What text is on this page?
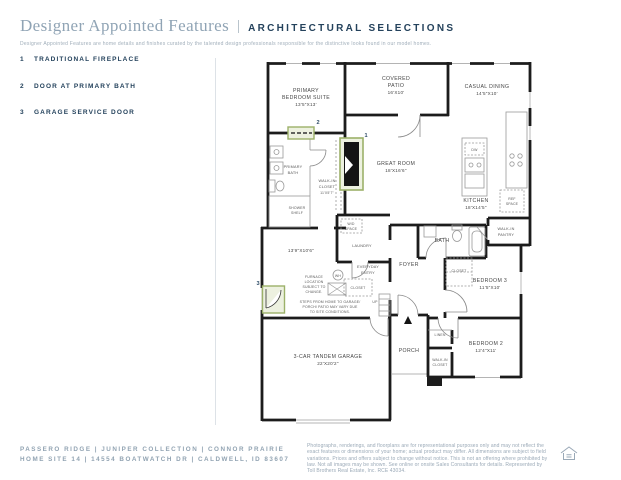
Designer Appointed Features ARCHITECTURAL SELECTIONS
Designer Appointed Features are home details and finishes curated by the talented design professionals responsible for the distinctive looks found in our model homes.
1	TRADITIONAL FIREPLACE
2	DOOR AT PRIMARY BATH
3	GARAGE SERVICE DOOR
1
2
3
PRIMARY
BEDROOM SUITE
13'5"X13'
COVERED
PATIO
16'X10'
CASUAL DINING
14'5"X10'
GREAT ROOM
18'X16'6"
KITCHEN
18'X14'5"
REF
SPACE
WALK-IN
PANTRY
PRIMARY
BATH
WALK-IN
CLOSET
11'X5'7"
SHOWER
SHELF
W/D
SPACE
LAUNDRY
13'9"X10'6"
EVERYDAY
ENTRY
FURNACE
LOCATION
SUBJECT TO
CHANGE.
WH
CLOSET
UP
STEPS FROM HOME TO GARAGE/
PORCH/ PATIO MAY VARY DUE
TO SITE CONDITIONS.
3-CAR TANDEM GARAGE
22'X20'2"
PORCH
FOYER
BATH
CLOSET
BEDROOM 3
11'5"X10'
LINEN
WALK-IN
CLOSET
BEDROOM 2
12'4"X11'
DW
PASSERO RIDGE | JUNIPER COLLECTION | CONNOR PRAIRIE
HOME SITE 14 | 14554 BOATWATCH DR | CALDWELL, ID 83607
Photographs, renderings, and floorplans are for representational purposes only and may not reflect the exact features or dimensions of your home; actual product may differ. All dimensions are subject to field variations. Prices and offers subject to change without notice. This is not an offering where prohibited by law. Not all images may be shown. See online or onsite Sales Consultants for details. Represented by Toll Brothers Real Estate, Inc. RCE 43034.
